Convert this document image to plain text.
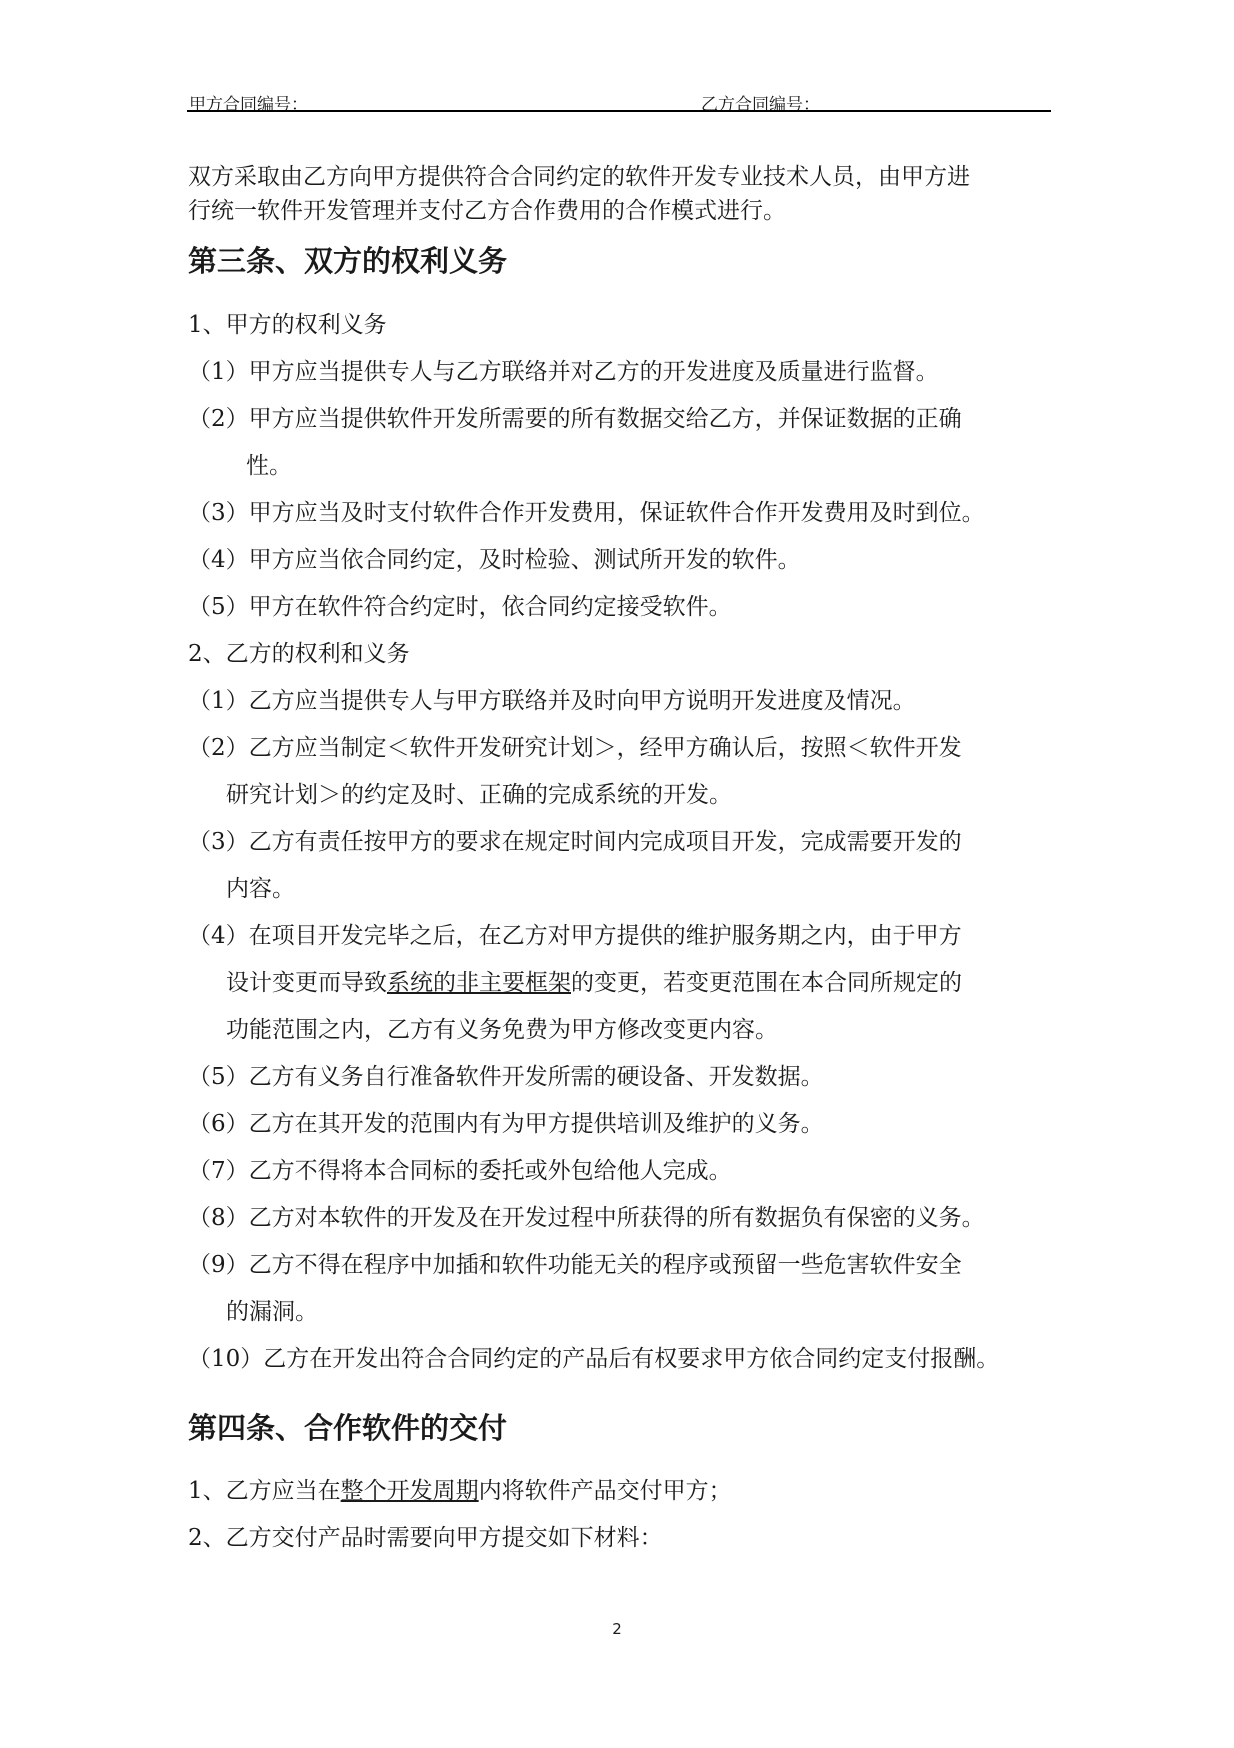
甲方合同编号：	乙方合同编号：
双方采取由乙方向甲方提供符合合同约定的软件开发专业技术人员，由甲方进
行统一软件开发管理并支付乙方合作费用的合作模式进行。
第三条、双方的权利义务
1、甲方的权利义务
（1）甲方应当提供专人与乙方联络并对乙方的开发进度及质量进行监督。
（2）甲方应当提供软件开发所需要的所有数据交给乙方，并保证数据的正确
性。
（3）甲方应当及时支付软件合作开发费用，保证软件合作开发费用及时到位。
（4）甲方应当依合同约定，及时检验、测试所开发的软件。
（5）甲方在软件符合约定时，依合同约定接受软件。
2、乙方的权利和义务
（1）乙方应当提供专人与甲方联络并及时向甲方说明开发进度及情况。
（2）乙方应当制定＜软件开发研究计划＞，经甲方确认后，按照＜软件开发
研究计划＞的约定及时、正确的完成系统的开发。
（3）乙方有责任按甲方的要求在规定时间内完成项目开发，完成需要开发的
内容。
（4）在项目开发完毕之后，在乙方对甲方提供的维护服务期之内，由于甲方
设计变更而导致系统的非主要框架的变更，若变更范围在本合同所规定的
功能范围之内，乙方有义务免费为甲方修改变更内容。
（5）乙方有义务自行准备软件开发所需的硬设备、开发数据。
（6）乙方在其开发的范围内有为甲方提供培训及维护的义务。
（7）乙方不得将本合同标的委托或外包给他人完成。
（8）乙方对本软件的开发及在开发过程中所获得的所有数据负有保密的义务。
（9）乙方不得在程序中加插和软件功能无关的程序或预留一些危害软件安全
的漏洞。
（10）乙方在开发出符合合同约定的产品后有权要求甲方依合同约定支付报酬。
第四条、合作软件的交付
1、乙方应当在整个开发周期内将软件产品交付甲方；
2、乙方交付产品时需要向甲方提交如下材料：
2
